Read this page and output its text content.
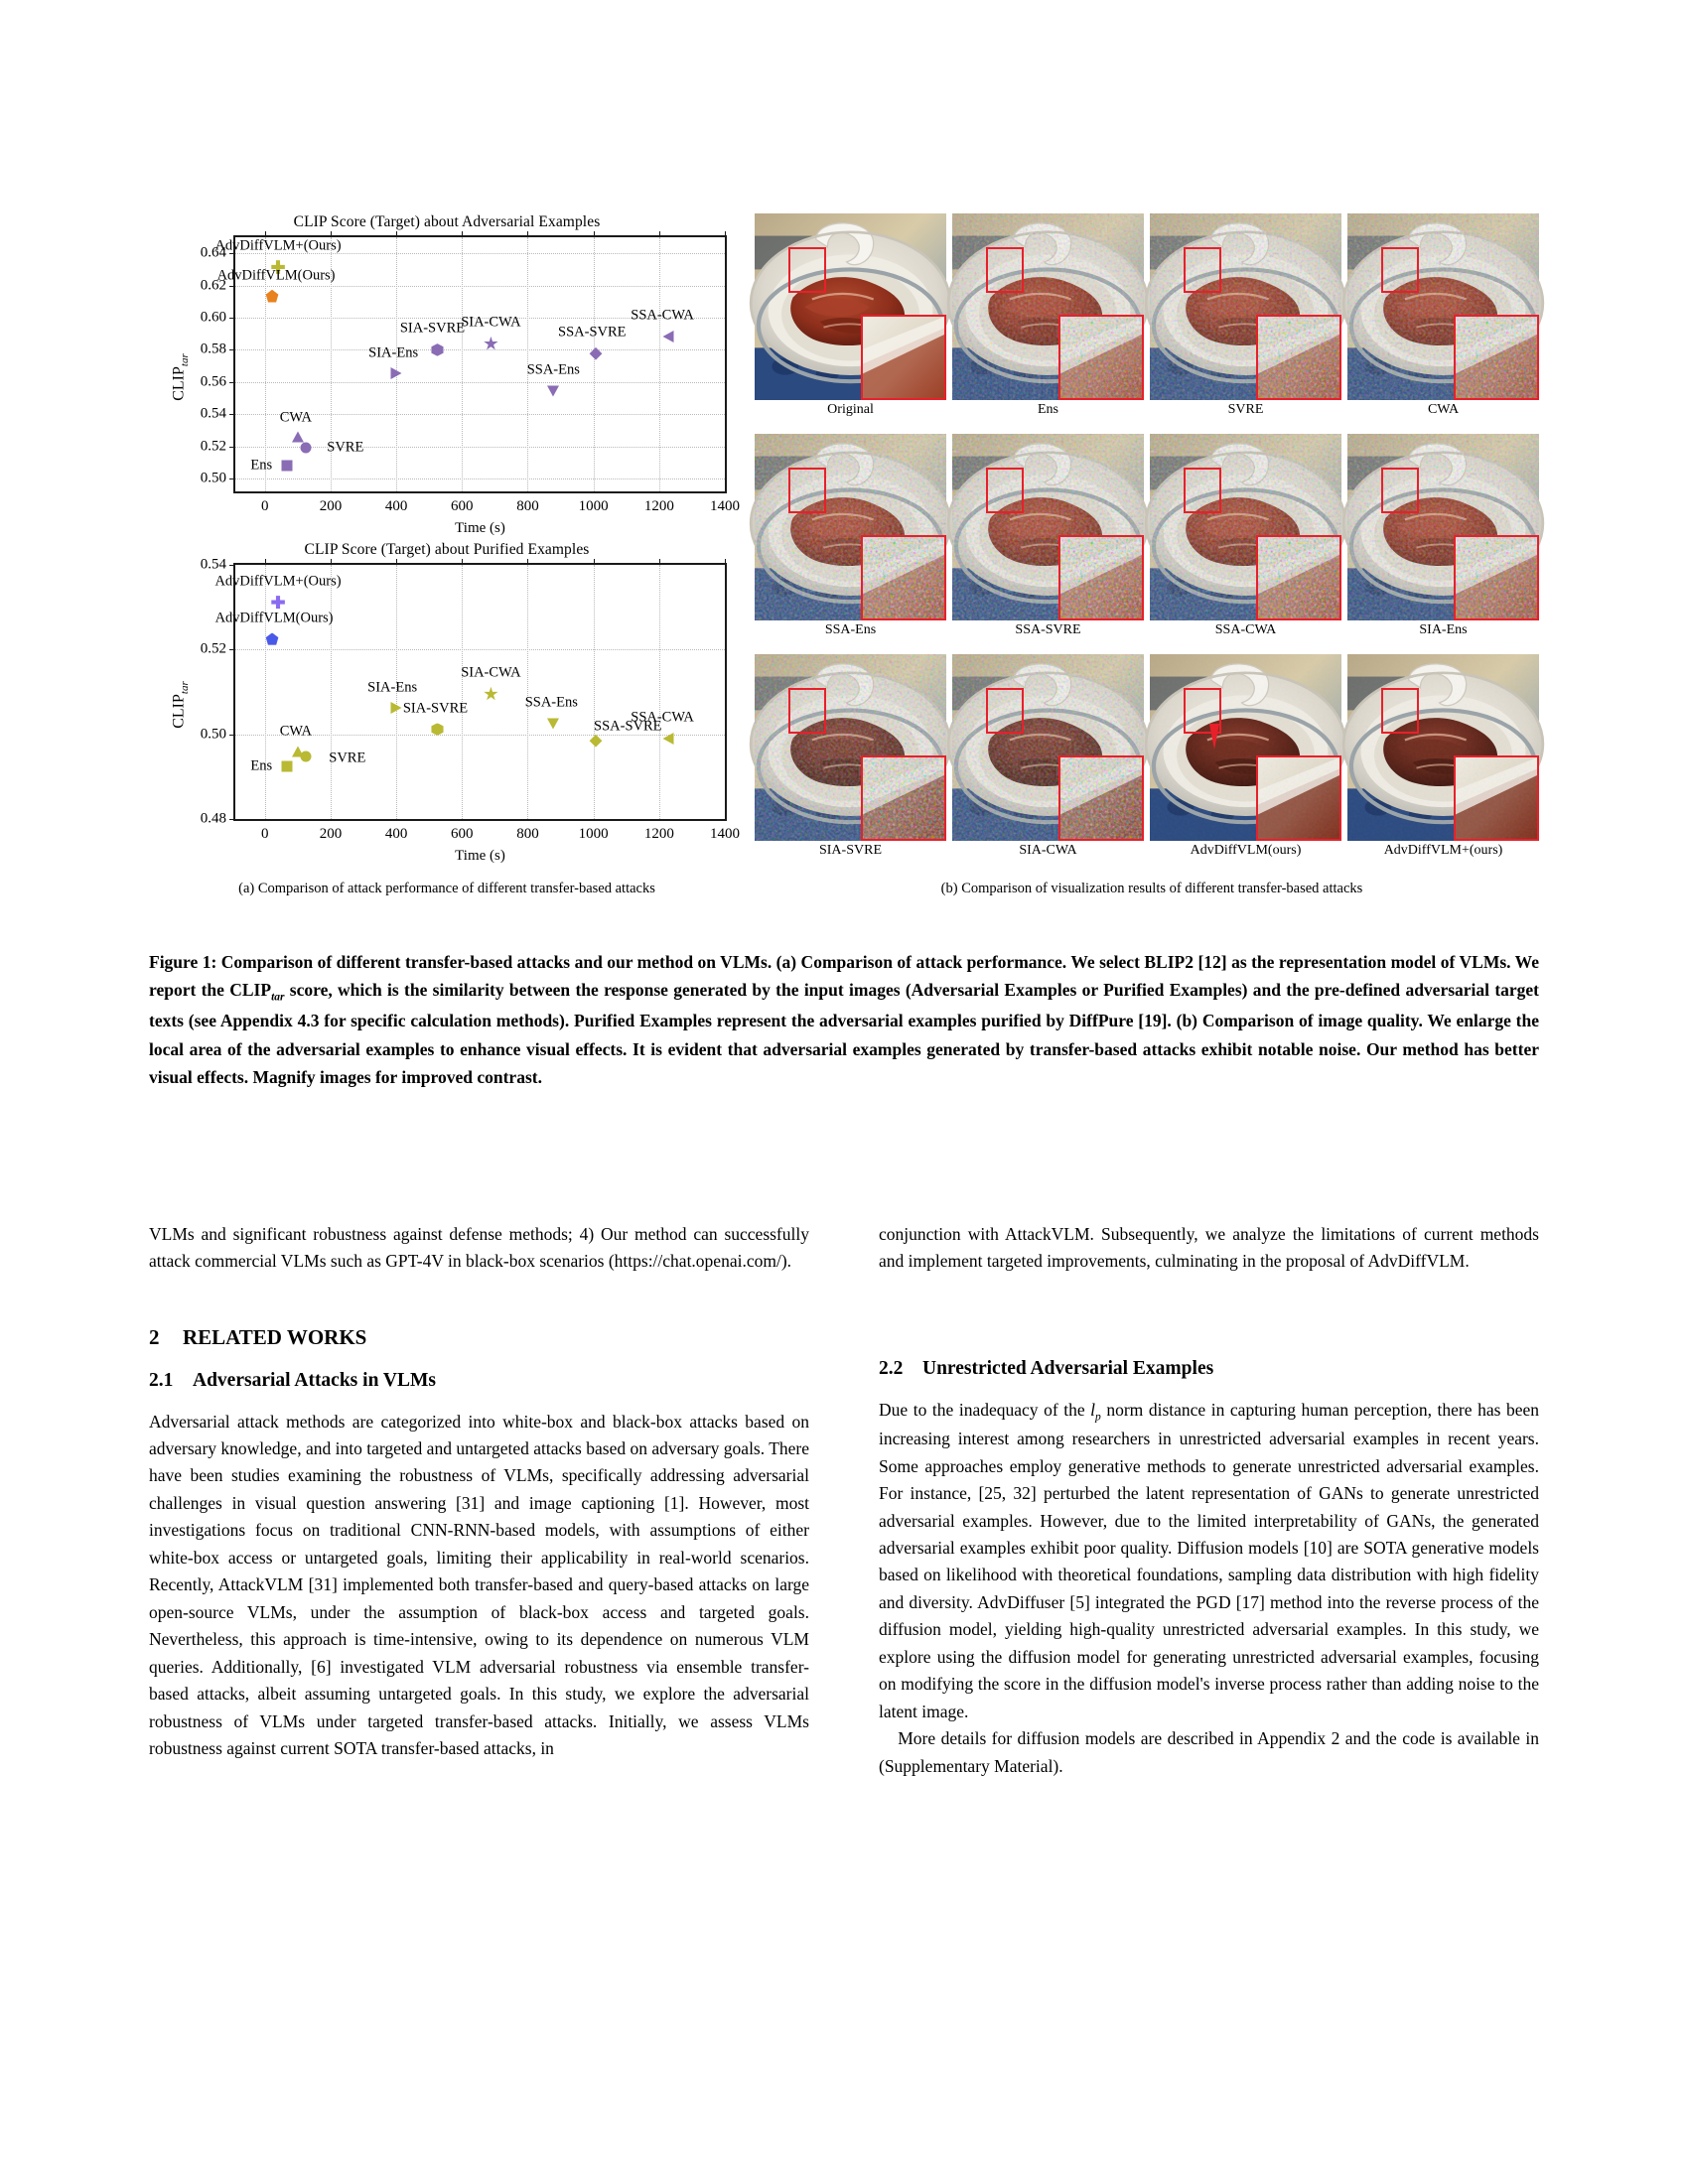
CLIP Score (Target) about Adversarial Examples
0	200	400	600	800	1000 1200 1400
0.50
0.52
0.54
0.56
0.58
0.60
0.62
0.64
AdvDiffVLM+(Ours)
AdvDiffVLM(Ours)
Ens
CWA
SVRE
SIA-Ens
SIA-SVRE
SIA-CWA
SSA-Ens
SSA-SVRE
SSA-CWA
$CLIP_{tar}$
Time (s)
CLIP Score (Target) about Purified Examples
0	200	400	600	800	1000 1200 1400
0.48
0.50
0.52
0.54
AdvDiffVLM+(Ours)
AdvDiffVLM(Ours)
Ens
CWA
SVRE
SIA-Ens
SIA-SVRE
SIA-CWA
SSA-Ens
SSA-SVRE
SSA-CWA
$CLIP_{tar}$
Time (s)
Original	Ens	SVRE	CWA
SSA-Ens	SSA-SVRE	SSA-CWA	SIA-Ens
SIA-SVRE	SIA-CWA	AdvDiffVLM(ours)	AdvDiffVLM+(ours)
(a) Comparison of attack performance of different transfer-based attacks	(b) Comparison of visualization results of different transfer-based attacks
Figure 1: Comparison of different transfer-based attacks and our method on VLMs. (a) Comparison of attack performance. We select BLIP2 [12] as the representation model of VLMs. We report the $CLIP_{tar}$ score, which is the similarity between the response generated by the input images (Adversarial Examples or Purified Examples) and the pre-defined adversarial target texts (see Appendix 4.3 for specific calculation methods). Purified Examples represent the adversarial examples purified by DiffPure [19]. (b) Comparison of image quality. We enlarge the local area of the adversarial examples to enhance visual effects. It is evident that adversarial examples generated by transfer-based attacks exhibit notable noise. Our method has better visual effects. Magnify images for improved contrast.

VLMs and significant robustness against defense methods; 4) Our method can successfully attack commercial VLMs such as GPT-4V in black-box scenarios (https://chat.openai.com/).

2 RELATED WORKS
2.1 Adversarial Attacks in VLMs

Adversarial attack methods are categorized into white-box and black-box attacks based on adversary knowledge, and into targeted and untargeted attacks based on adversary goals. There have been studies examining the robustness of VLMs, specifically addressing adversarial challenges in visual question answering [31] and image captioning [1]. However, most investigations focus on traditional CNN-RNN-based models, with assumptions of either white-box access or untargeted goals, limiting their applicability in real-world scenarios. Recently, AttackVLM [31] implemented both transfer-based and query-based attacks on large open-source VLMs, under the assumption of black-box access and targeted goals. Nevertheless, this approach is time-intensive, owing to its dependence on numerous VLM queries. Additionally, [6] investigated VLM adversarial robustness via ensemble transfer-based attacks, albeit assuming untargeted goals. In this study, we explore the adversarial robustness of VLMs under targeted transfer-based attacks. Initially, we assess VLMs robustness against current SOTA transfer-based attacks, in

conjunction with AttackVLM. Subsequently, we analyze the limitations of current methods and implement targeted improvements, culminating in the proposal of AdvDiffVLM.

2.2 Unrestricted Adversarial Examples

Due to the inadequacy of the $l_p$ norm distance in capturing human perception, there has been increasing interest among researchers in unrestricted adversarial examples in recent years. Some approaches employ generative methods to generate unrestricted adversarial examples. For instance, [25, 32] perturbed the latent representation of GANs to generate unrestricted adversarial examples. However, due to the limited interpretability of GANs, the generated adversarial examples exhibit poor quality. Diffusion models [10] are SOTA generative models based on likelihood with theoretical foundations, sampling data distribution with high fidelity and diversity. AdvDiffuser [5] integrated the PGD [17] method into the reverse process of the diffusion model, yielding high-quality unrestricted adversarial examples. In this study, we explore using the diffusion model for generating unrestricted adversarial examples, focusing on modifying the score in the diffusion model's inverse process rather than adding noise to the latent image.

More details for diffusion models are described in Appendix 2 and the code is available in (Supplementary Material).
